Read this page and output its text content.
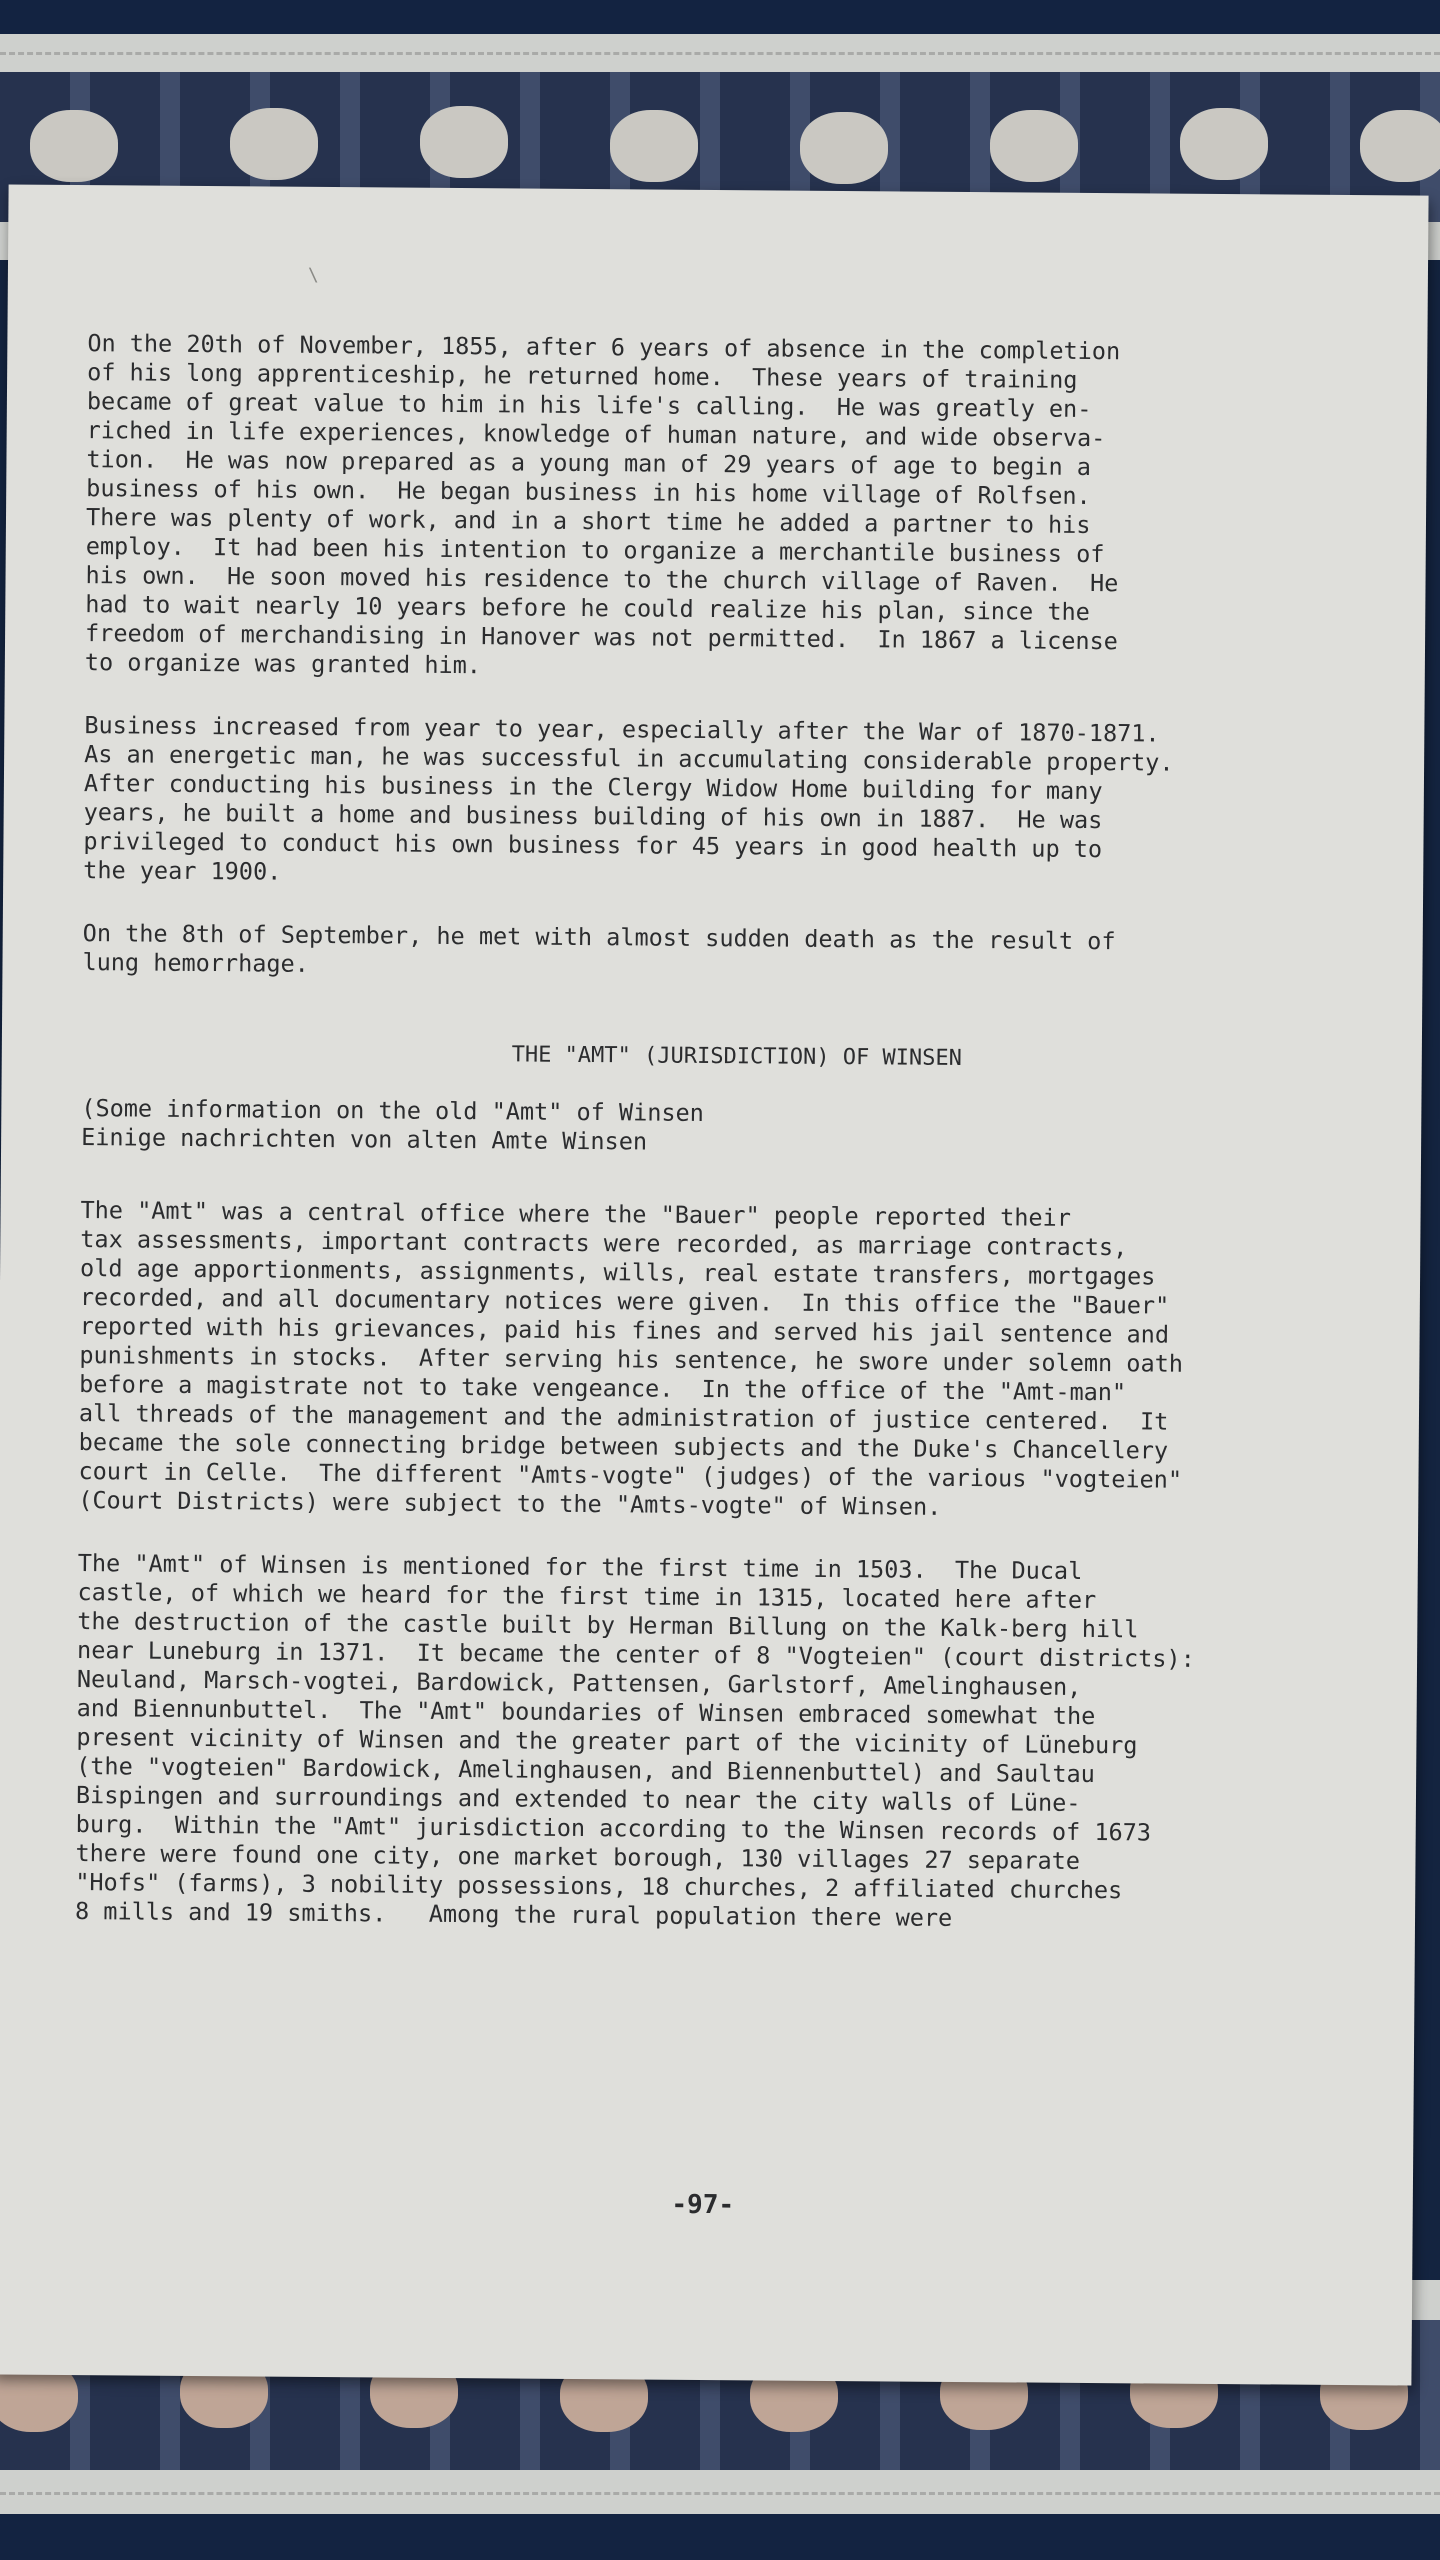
\
On the 20th of November, 1855, after 6 years of absence in the completion
of his long apprenticeship, he returned home.  These years of training
became of great value to him in his life's calling.  He was greatly en-
riched in life experiences, knowledge of human nature, and wide observa-
tion.  He was now prepared as a young man of 29 years of age to begin a
business of his own.  He began business in his home village of Rolfsen.
There was plenty of work, and in a short time he added a partner to his
employ.  It had been his intention to organize a merchantile business of
his own.  He soon moved his residence to the church village of Raven.  He
had to wait nearly 10 years before he could realize his plan, since the
freedom of merchandising in Hanover was not permitted.  In 1867 a license
to organize was granted him.
Business increased from year to year, especially after the War of 1870-1871.
As an energetic man, he was successful in accumulating considerable property.
After conducting his business in the Clergy Widow Home building for many
years, he built a home and business building of his own in 1887.  He was
privileged to conduct his own business for 45 years in good health up to
the year 1900.
On the 8th of September, he met with almost sudden death as the result of
lung hemorrhage.
THE "AMT" (JURISDICTION) OF WINSEN
(Some information on the old "Amt" of Winsen
Einige nachrichten von alten Amte Winsen
The "Amt" was a central office where the "Bauer" people reported their
tax assessments, important contracts were recorded, as marriage contracts,
old age apportionments, assignments, wills, real estate transfers, mortgages
recorded, and all documentary notices were given.  In this office the "Bauer"
reported with his grievances, paid his fines and served his jail sentence and
punishments in stocks.  After serving his sentence, he swore under solemn oath
before a magistrate not to take vengeance.  In the office of the "Amt-man"
all threads of the management and the administration of justice centered.  It
became the sole connecting bridge between subjects and the Duke's Chancellery
court in Celle.  The different "Amts-vogte" (judges) of the various "vogteien"
(Court Districts) were subject to the "Amts-vogte" of Winsen.
The "Amt" of Winsen is mentioned for the first time in 1503.  The Ducal
castle, of which we heard for the first time in 1315, located here after
the destruction of the castle built by Herman Billung on the Kalk-berg hill
near Luneburg in 1371.  It became the center of 8 "Vogteien" (court districts):
Neuland, Marsch-vogtei, Bardowick, Pattensen, Garlstorf, Amelinghausen,
and Biennunbuttel.  The "Amt" boundaries of Winsen embraced somewhat the
present vicinity of Winsen and the greater part of the vicinity of Lüneburg
(the "vogteien" Bardowick, Amelinghausen, and Biennenbuttel) and Saultau
Bispingen and surroundings and extended to near the city walls of Lüne-
burg.  Within the "Amt" jurisdiction according to the Winsen records of 1673
there were found one city, one market borough, 130 villages 27 separate
"Hofs" (farms), 3 nobility possessions, 18 churches, 2 affiliated churches
8 mills and 19 smiths.   Among the rural population there were
-97-
